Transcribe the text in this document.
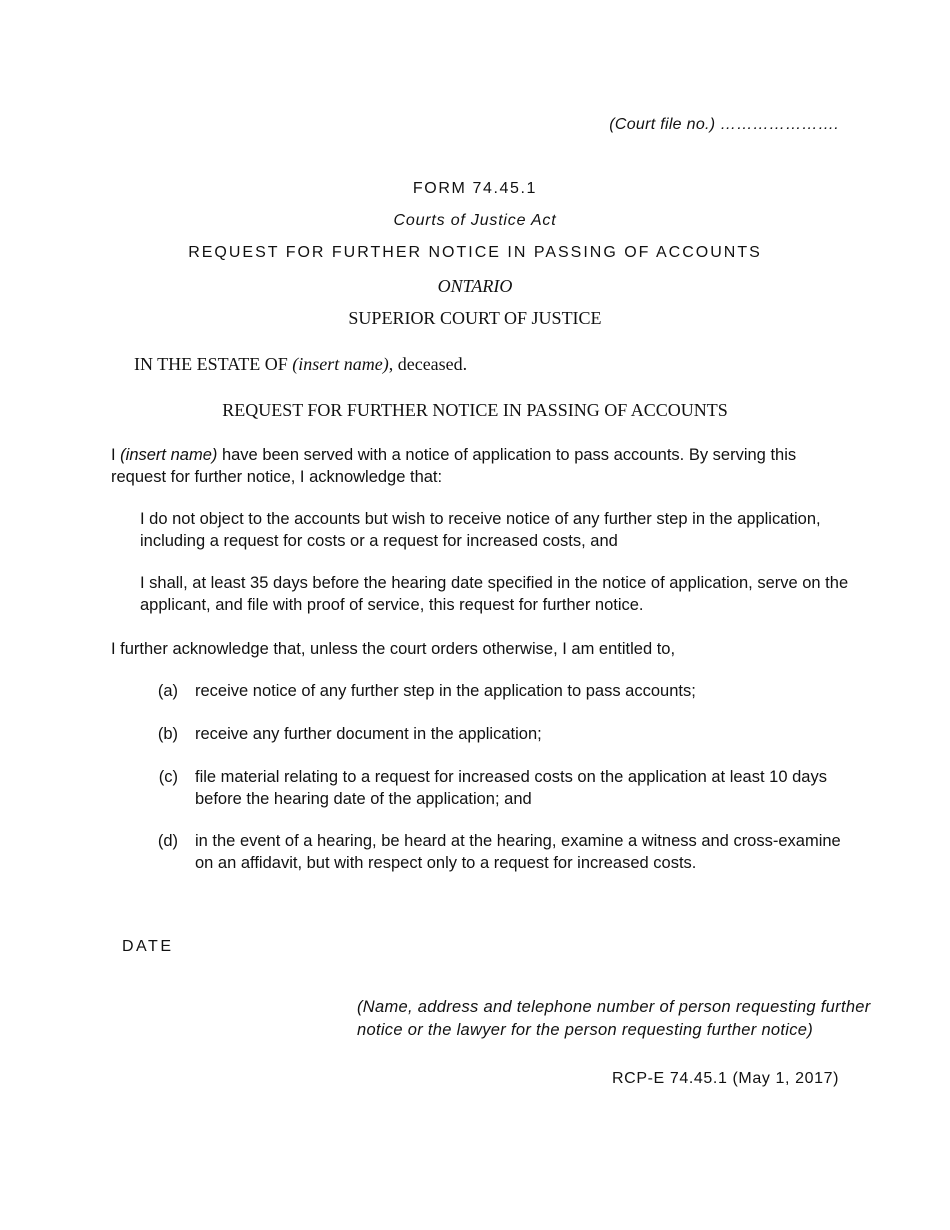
(Court file no.) ………………….

FORM 74.45.1

Courts of Justice Act

REQUEST FOR FURTHER NOTICE IN PASSING OF ACCOUNTS

ONTARIO

SUPERIOR COURT OF JUSTICE

IN THE ESTATE OF (insert name), deceased.

REQUEST FOR FURTHER NOTICE IN PASSING OF ACCOUNTS

I (insert name) have been served with a notice of application to pass accounts. By serving this request for further notice, I acknowledge that:

I do not object to the accounts but wish to receive notice of any further step in the application, including a request for costs or a request for increased costs, and

I shall, at least 35 days before the hearing date specified in the notice of application, serve on the applicant, and file with proof of service, this request for further notice.

I further acknowledge that, unless the court orders otherwise, I am entitled to,

(a) receive notice of any further step in the application to pass accounts;

(b) receive any further document in the application;

(c) file material relating to a request for increased costs on the application at least 10 days before the hearing date of the application; and

(d) in the event of a hearing, be heard at the hearing, examine a witness and cross-examine on an affidavit, but with respect only to a request for increased costs.

DATE

(Name, address and telephone number of person requesting further notice or the lawyer for the person requesting further notice)

RCP-E 74.45.1 (May 1, 2017)
